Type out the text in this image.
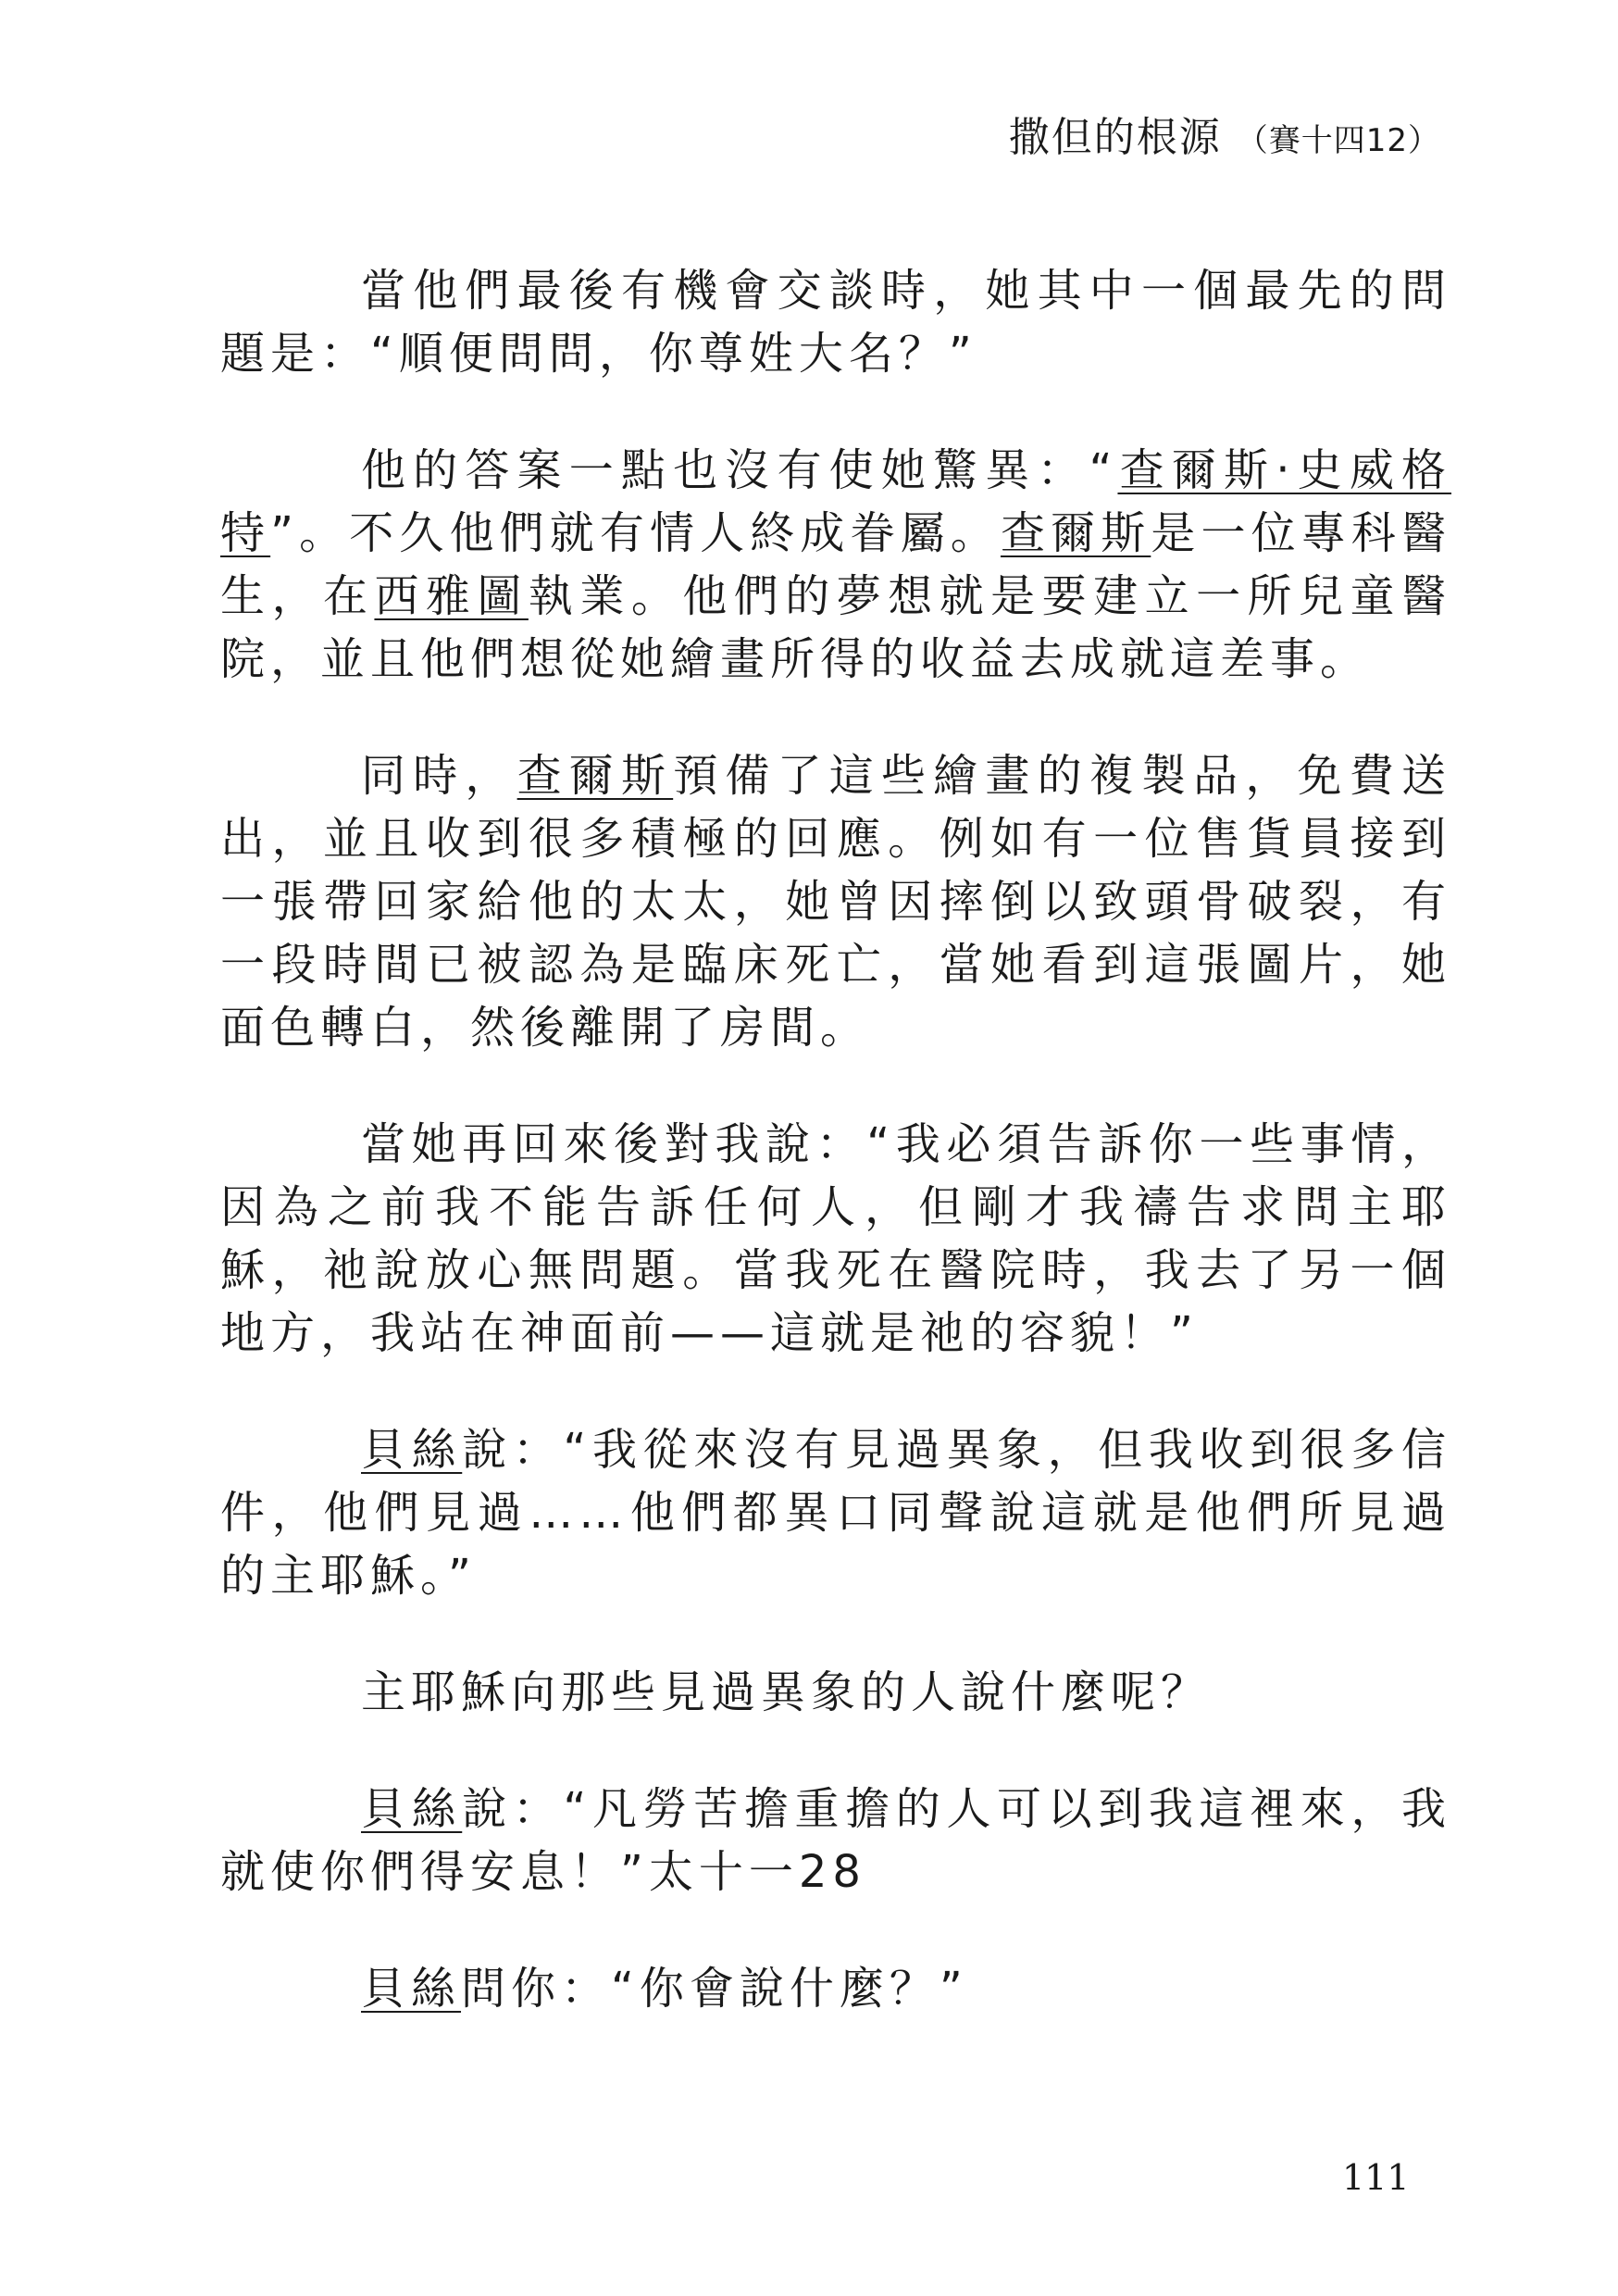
撒但的根源 （賽十四12）

當他們最後有機會交談時，她其中一個最先的問題是：“順便問問，你尊姓大名？”

他的答案一點也沒有使她驚異：“查爾斯‧史威格特”。不久他們就有情人終成眷屬。查爾斯是一位專科醫生，在西雅圖執業。他們的夢想就是要建立一所兒童醫院，並且他們想從她繪畫所得的收益去成就這差事。

同時，查爾斯預備了這些繪畫的複製品，免費送出，並且收到很多積極的回應。例如有一位售貨員接到一張帶回家給他的太太，她曾因摔倒以致頭骨破裂，有一段時間已被認為是臨床死亡，當她看到這張圖片，她面色轉白，然後離開了房間。

當她再回來後對我說：“我必須告訴你一些事情，因為之前我不能告訴任何人，但剛才我禱告求問主耶穌，祂說放心無問題。當我死在醫院時，我去了另一個地方，我站在神面前——這就是祂的容貌！”

貝絲說：“我從來沒有見過異象，但我收到很多信件，他們見過……他們都異口同聲說這就是他們所見過的主耶穌。”

主耶穌向那些見過異象的人說什麼呢？

貝絲說：“凡勞苦擔重擔的人可以到我這裡來，我就使你們得安息！”太十一28

貝絲問你：“你會說什麼？”

111
